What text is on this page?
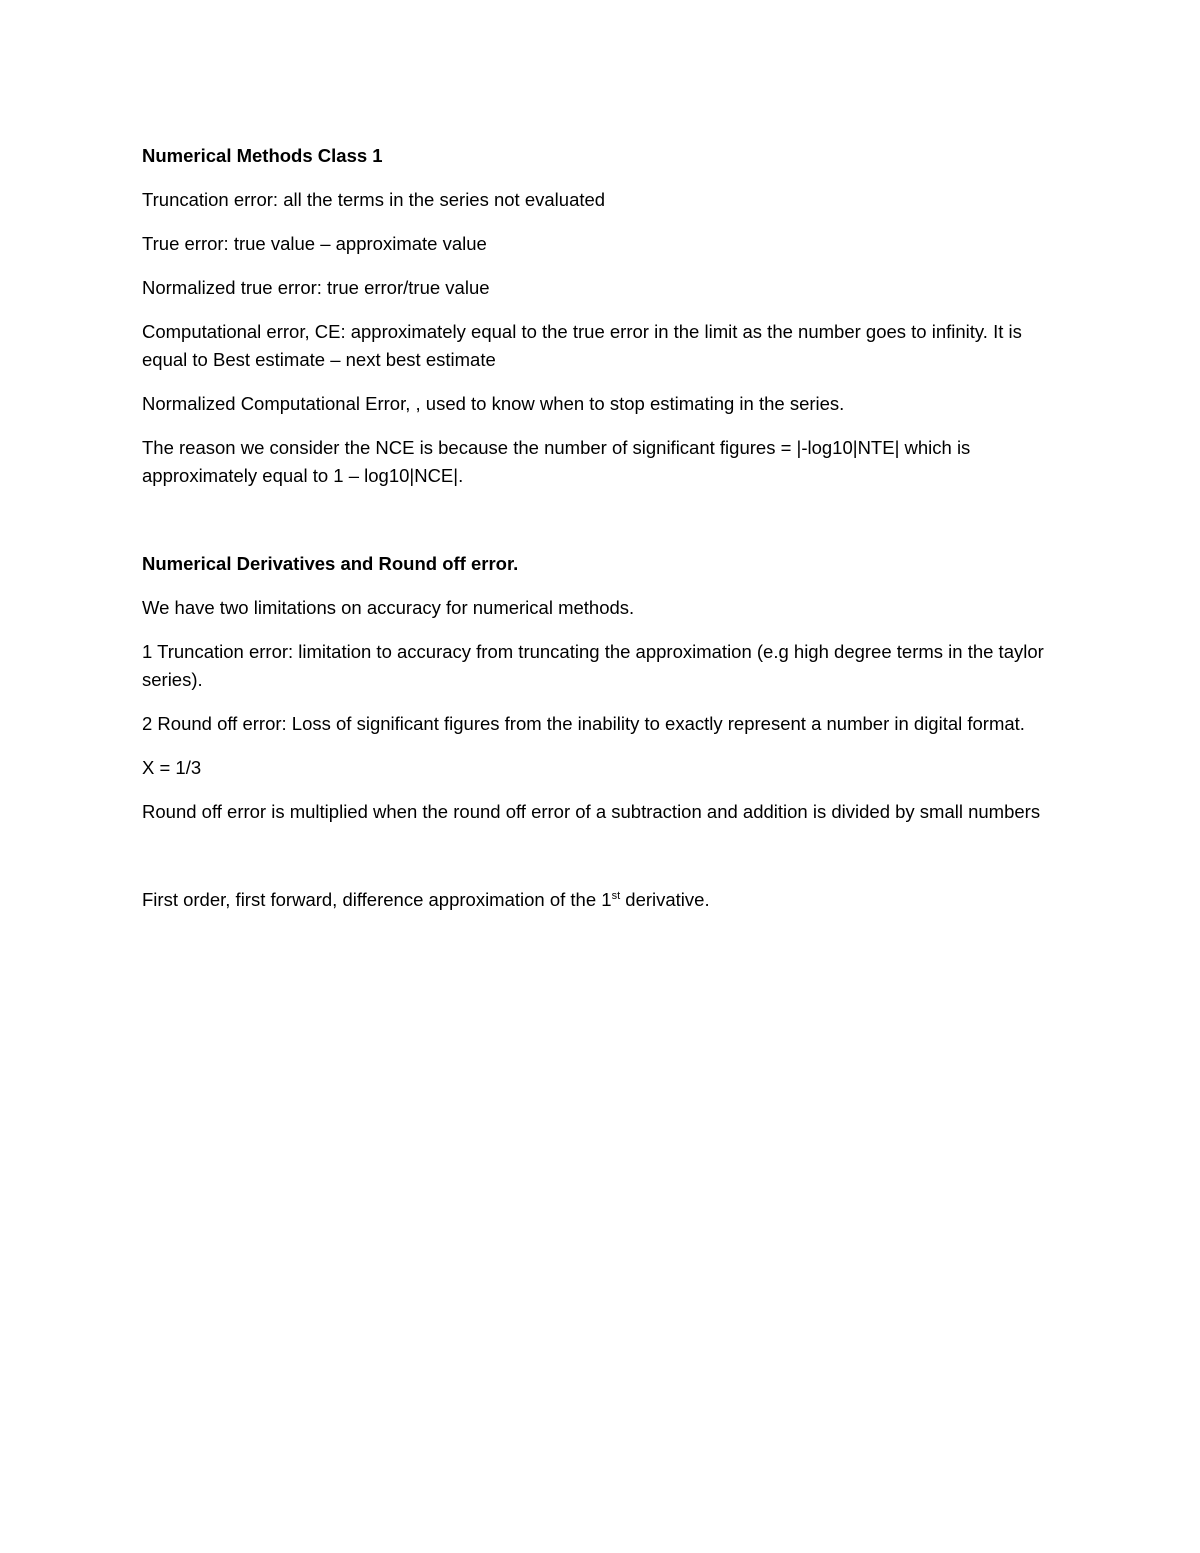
Numerical Methods Class 1

Truncation error: all the terms in the series not evaluated

True error: true value – approximate value

Normalized true error: true error/true value

Computational error, CE: approximately equal to the true error in the limit as the number goes to infinity. It is equal to Best estimate – next best estimate

Normalized Computational Error, , used to know when to stop estimating in the series.

The reason we consider the NCE is because the number of significant figures = |-log10|NTE| which is approximately equal to 1 – log10|NCE|.

Numerical Derivatives and Round off error.

We have two limitations on accuracy for numerical methods.

1 Truncation error: limitation to accuracy from truncating the approximation (e.g high degree terms in the taylor series).

2 Round off error: Loss of significant figures from the inability to exactly represent a number in digital format.

X = 1/3

Round off error is multiplied when the round off error of a subtraction and addition is divided by small numbers

First order, first forward, difference approximation of the 1st derivative.
